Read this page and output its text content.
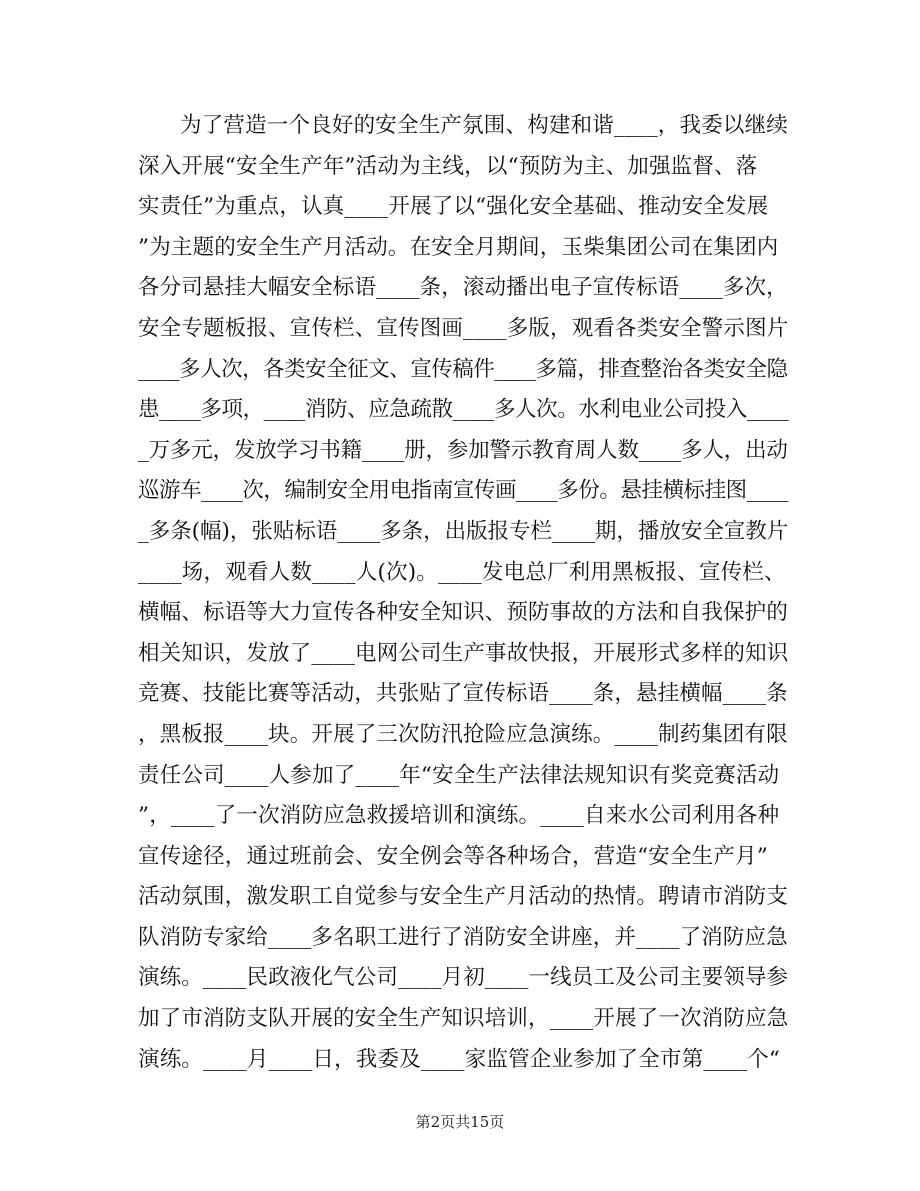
为了营造一个良好的安全生产氛围、构建和谐____，我委以继续
深入开展“安全生产年”活动为主线，以“预防为主、加强监督、落
实责任”为重点，认真____开展了以“强化安全基础、推动安全发展
”为主题的安全生产月活动。在安全月期间，玉柴集团公司在集团内
各分司悬挂大幅安全标语____条，滚动播出电子宣传标语____多次，
安全专题板报、宣传栏、宣传图画____多版，观看各类安全警示图片
____多人次，各类安全征文、宣传稿件____多篇，排查整治各类安全隐
患____多项，____消防、应急疏散____多人次。水利电业公司投入____
_万多元，发放学习书籍____册，参加警示教育周人数____多人，出动
巡游车____次，编制安全用电指南宣传画____多份。悬挂横标挂图____
_多条(幅)，张贴标语____多条，出版报专栏____期，播放安全宣教片
____场，观看人数____人(次)。____发电总厂利用黑板报、宣传栏、
横幅、标语等大力宣传各种安全知识、预防事故的方法和自我保护的
相关知识，发放了____电网公司生产事故快报，开展形式多样的知识
竞赛、技能比赛等活动，共张贴了宣传标语____条，悬挂横幅____条
，黑板报____块。开展了三次防汛抢险应急演练。____制药集团有限
责任公司____人参加了____年“安全生产法律法规知识有奖竞赛活动
”，____了一次消防应急救援培训和演练。____自来水公司利用各种
宣传途径，通过班前会、安全例会等各种场合，营造“安全生产月”
活动氛围，激发职工自觉参与安全生产月活动的热情。聘请市消防支
队消防专家给____多名职工进行了消防安全讲座，并____了消防应急
演练。____民政液化气公司____月初____一线员工及公司主要领导参
加了市消防支队开展的安全生产知识培训，____开展了一次消防应急
演练。____月____日，我委及____家监管企业参加了全市第____个“
第2页共15页
